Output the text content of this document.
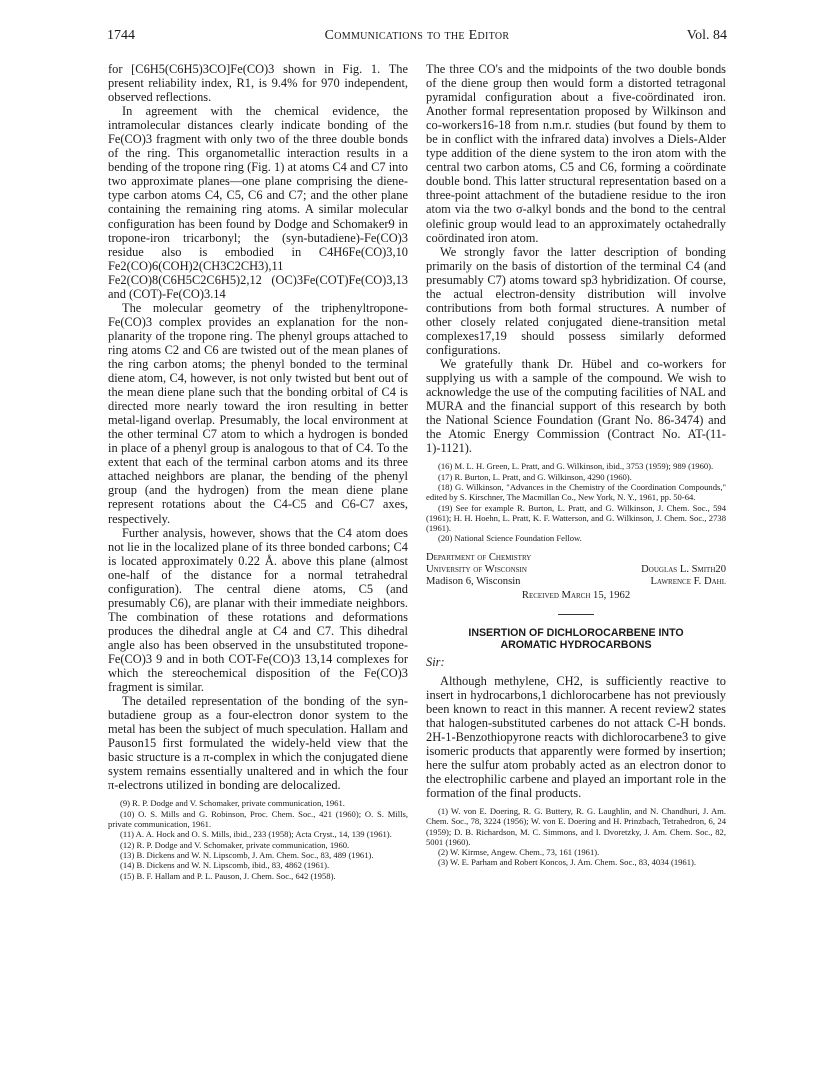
1744	Communications to the Editor	Vol. 84

for [C6H5(C6H5)3CO]Fe(CO)3 shown in Fig. 1. The present reliability index, R1, is 9.4% for 970 independent, observed reflections.

In agreement with the chemical evidence, the intramolecular distances clearly indicate bonding of the Fe(CO)3 fragment with only two of the three double bonds of the ring. This organometallic interaction results in a bending of the tropone ring (Fig. 1) at atoms C4 and C7 into two approximate planes—one plane comprising the diene-type carbon atoms C4, C5, C6 and C7; and the other plane containing the remaining ring atoms. A similar molecular configuration has been found by Dodge and Schomaker9 in tropone-iron tricarbonyl; the (syn-butadiene)-Fe(CO)3 residue also is embodied in C4H6Fe(CO)3,10 Fe2(CO)6(COH)2(CH3C2CH3),11 Fe2(CO)8(C6H5C2C6H5)2,12 (OC)3Fe(COT)Fe(CO)3,13 and (COT)-Fe(CO)3.14

The molecular geometry of the triphenyltropone-Fe(CO)3 complex provides an explanation for the non-planarity of the tropone ring. The phenyl groups attached to ring atoms C2 and C6 are twisted out of the mean planes of the ring carbon atoms; the phenyl bonded to the terminal diene atom, C4, however, is not only twisted but bent out of the mean diene plane such that the bonding orbital of C4 is directed more nearly toward the iron resulting in better metal-ligand overlap. Presumably, the local environment at the other terminal C7 atom to which a hydrogen is bonded in place of a phenyl group is analogous to that of C4. To the extent that each of the terminal carbon atoms and its three attached neighbors are planar, the bending of the phenyl group (and the hydrogen) from the mean diene plane represent rotations about the C4-C5 and C6-C7 axes, respectively.

Further analysis, however, shows that the C4 atom does not lie in the localized plane of its three bonded carbons; C4 is located approximately 0.22 Å. above this plane (almost one-half of the distance for a normal tetrahedral configuration). The central diene atoms, C5 (and presumably C6), are planar with their immediate neighbors. The combination of these rotations and deformations produces the dihedral angle at C4 and C7. This dihedral angle also has been observed in the unsubstituted tropone-Fe(CO)3 9 and in both COT-Fe(CO)3 13,14 complexes for which the stereochemical disposition of the Fe(CO)3 fragment is similar.

The detailed representation of the bonding of the syn-butadiene group as a four-electron donor system to the metal has been the subject of much speculation. Hallam and Pauson15 first formulated the widely-held view that the basic structure is a π-complex in which the conjugated diene system remains essentially unaltered and in which the four π-electrons utilized in bonding are delocalized.

(9) R. P. Dodge and V. Schomaker, private communication, 1961.

(10) O. S. Mills and G. Robinson, Proc. Chem. Soc., 421 (1960); O. S. Mills, private communication, 1961.

(11) A. A. Hock and O. S. Mills, ibid., 233 (1958); Acta Cryst., 14, 139 (1961).

(12) R. P. Dodge and V. Schomaker, private communication, 1960.

(13) B. Dickens and W. N. Lipscomb, J. Am. Chem. Soc., 83, 489 (1961).

(14) B. Dickens and W. N. Lipscomb, ibid., 83, 4862 (1961).

(15) B. F. Hallam and P. L. Pauson, J. Chem. Soc., 642 (1958).

The three CO's and the midpoints of the two double bonds of the diene group then would form a distorted tetragonal pyramidal configuration about a five-coördinated iron. Another formal representation proposed by Wilkinson and co-workers16-18 from n.m.r. studies (but found by them to be in conflict with the infrared data) involves a Diels-Alder type addition of the diene system to the iron atom with the central two carbon atoms, C5 and C6, forming a coördinate double bond. This latter structural representation based on a three-point attachment of the butadiene residue to the iron atom via the two σ-alkyl bonds and the bond to the central olefinic group would lead to an approximately octahedrally coördinated iron atom.

We strongly favor the latter description of bonding primarily on the basis of distortion of the terminal C4 (and presumably C7) atoms toward sp3 hybridization. Of course, the actual electron-density distribution will involve contributions from both formal structures. A number of other closely related conjugated diene-transition metal complexes17,19 should possess similarly deformed configurations.

We gratefully thank Dr. Hübel and co-workers for supplying us with a sample of the compound. We wish to acknowledge the use of the computing facilities of NAL and MURA and the financial support of this research by both the National Science Foundation (Grant No. 86-3474) and the Atomic Energy Commission (Contract No. AT-(11-1)-1121).

(16) M. L. H. Green, L. Pratt, and G. Wilkinson, ibid., 3753 (1959); 989 (1960).

(17) R. Burton, L. Pratt, and G. Wilkinson, 4290 (1960).

(18) G. Wilkinson, "Advances in the Chemistry of the Coordination Compounds," edited by S. Kirschner, The Macmillan Co., New York, N. Y., 1961, pp. 50-64.

(19) See for example R. Burton, L. Pratt, and G. Wilkinson, J. Chem. Soc., 594 (1961); H. H. Hoehn, L. Pratt, K. F. Watterson, and G. Wilkinson, J. Chem. Soc., 2738 (1961).

(20) National Science Foundation Fellow.

Department of Chemistry
University of Wisconsin	Douglas L. Smith20
Madison 6, Wisconsin	Lawrence F. Dahl
Received March 15, 1962

INSERTION OF DICHLOROCARBENE INTO
AROMATIC HYDROCARBONS

Sir:

Although methylene, CH2, is sufficiently reactive to insert in hydrocarbons,1 dichlorocarbene has not previously been known to react in this manner. A recent review2 states that halogen-substituted carbenes do not attack C-H bonds. 2H-1-Benzothiopyrone reacts with dichlorocarbene3 to give isomeric products that apparently were formed by insertion; here the sulfur atom probably acted as an electron donor to the electrophilic carbene and played an important role in the formation of the final products.

(1) W. von E. Doering, R. G. Buttery, R. G. Laughlin, and N. Chandhuri, J. Am. Chem. Soc., 78, 3224 (1956); W. von E. Doering and H. Prinzbach, Tetrahedron, 6, 24 (1959); D. B. Richardson, M. C. Simmons, and I. Dvoretzky, J. Am. Chem. Soc., 82, 5001 (1960).

(2) W. Kirmse, Angew. Chem., 73, 161 (1961).

(3) W. E. Parham and Robert Koncos, J. Am. Chem. Soc., 83, 4034 (1961).
